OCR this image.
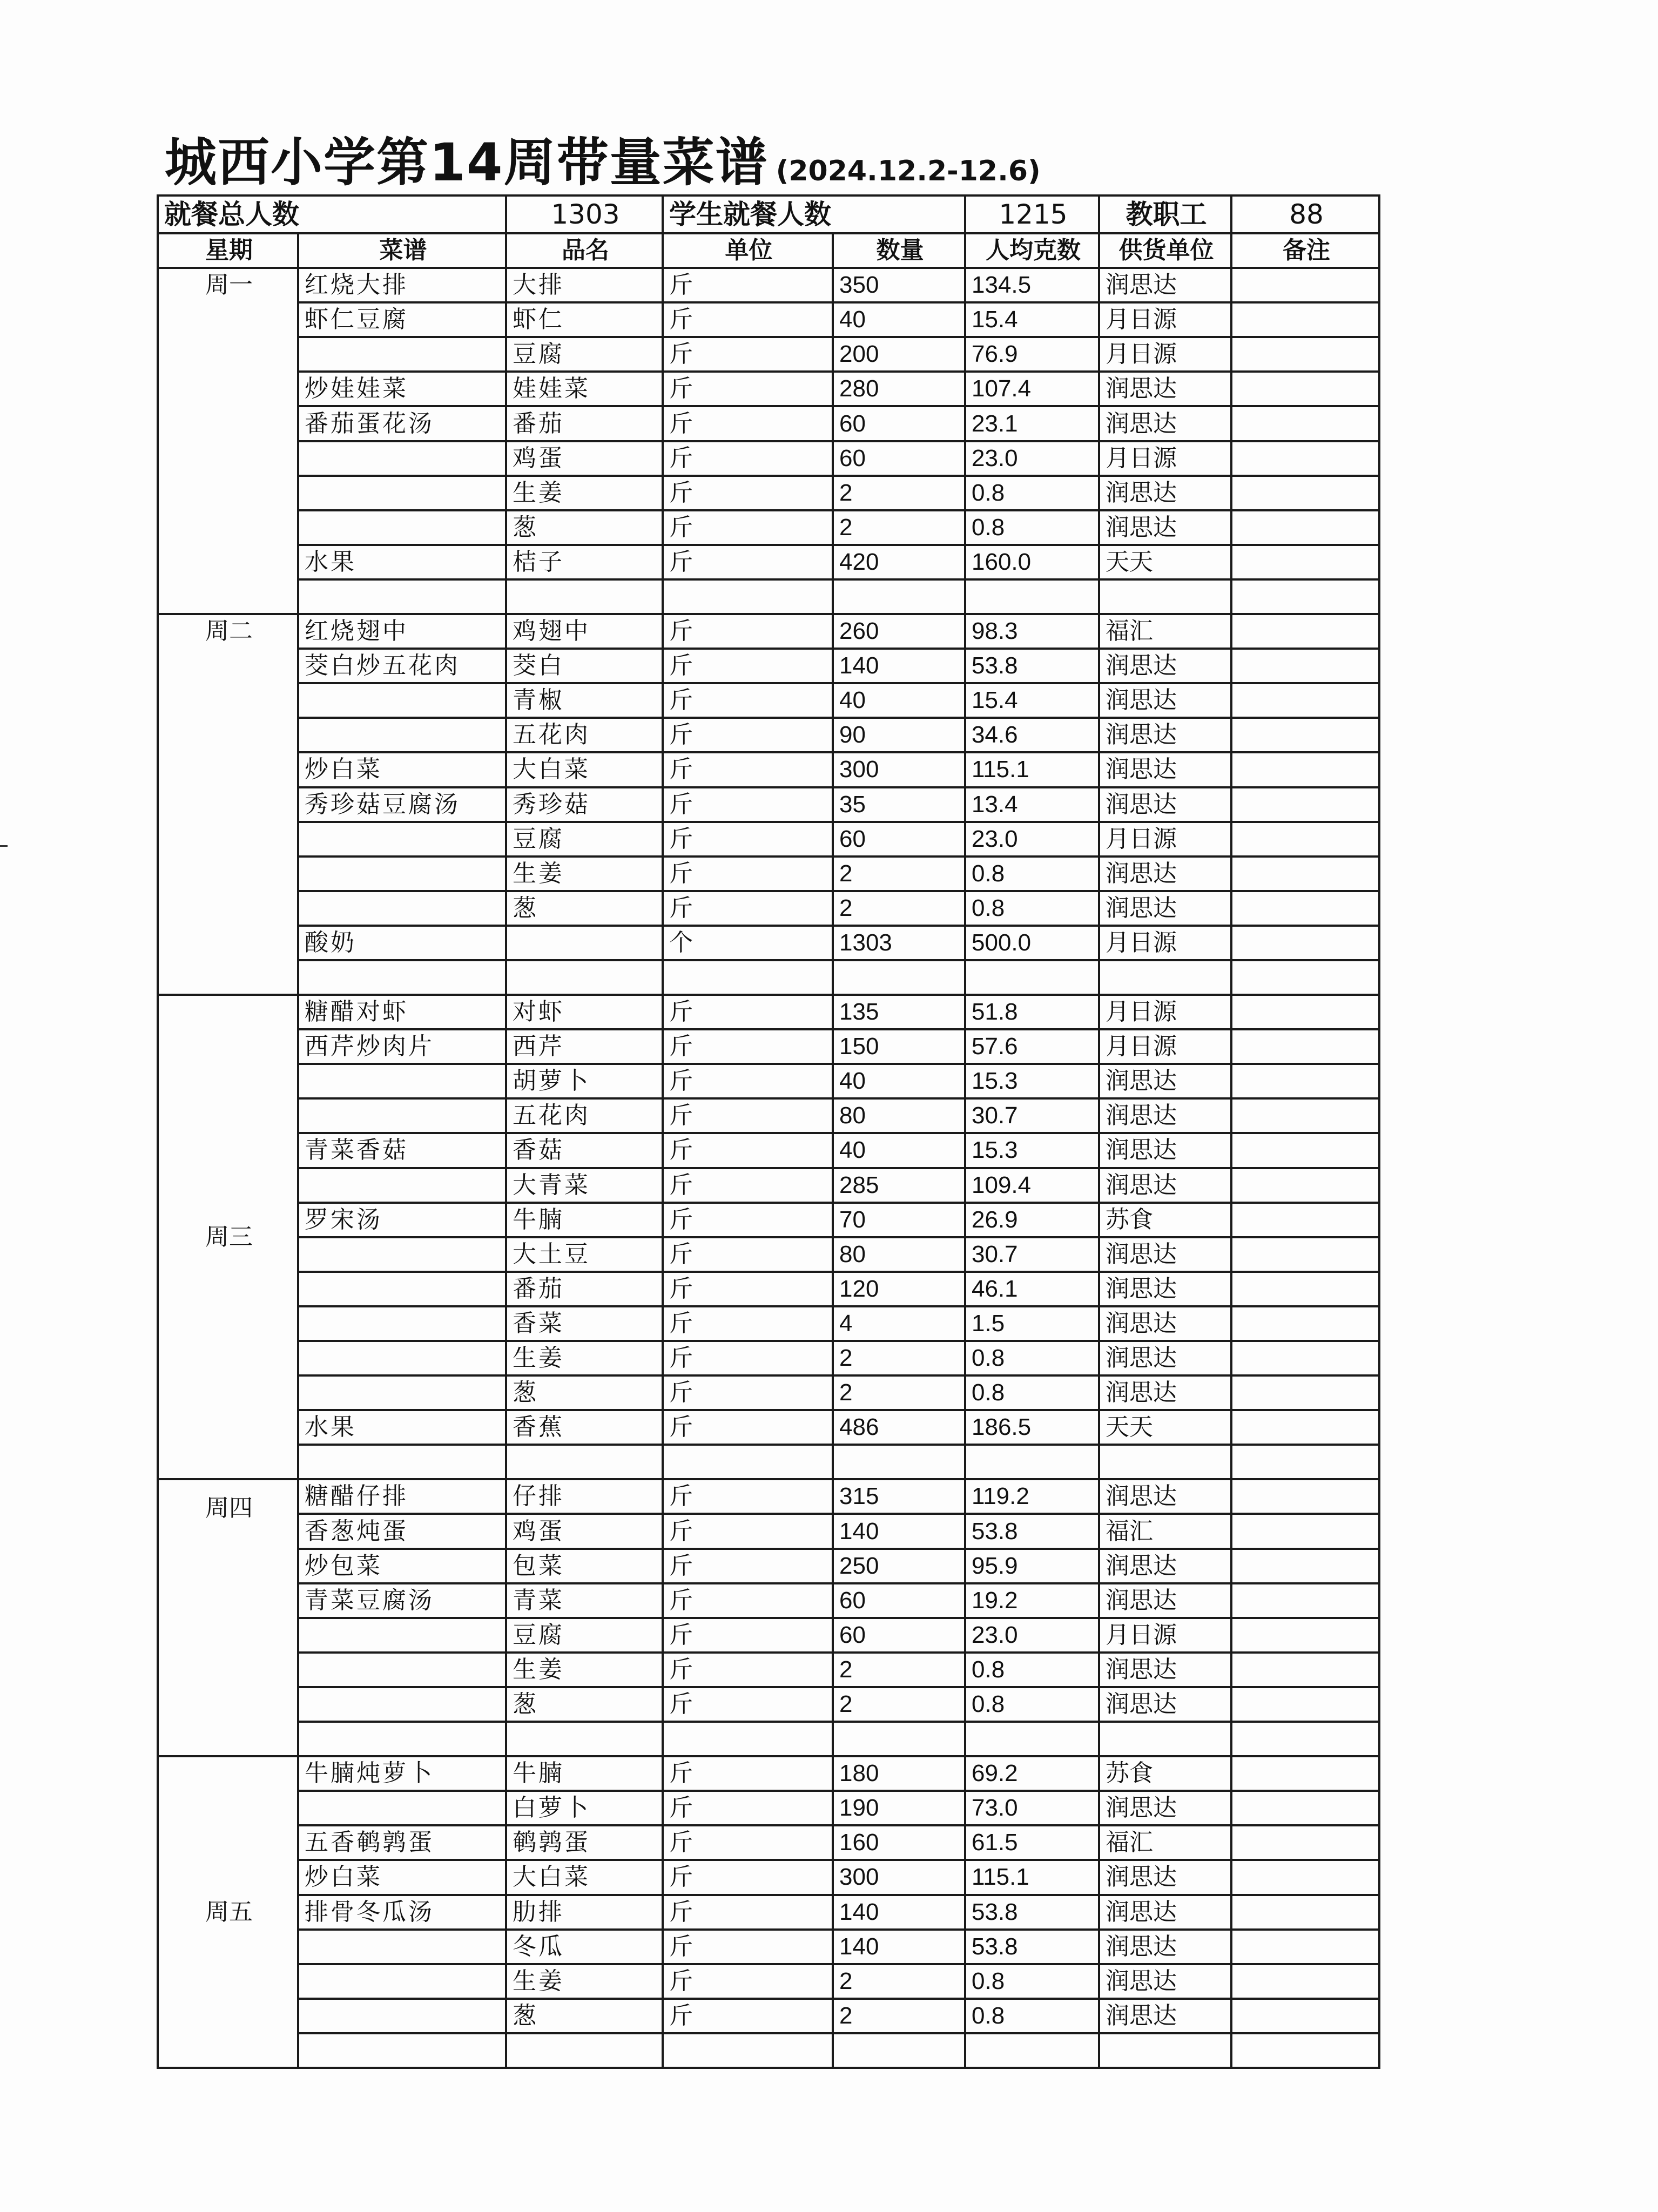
城西小学第14周带量菜谱 (2024.12.2-12.6)
就餐总人数		1303	学生就餐人数		1215	教职工	88
星期	菜谱	品名	单位	数量	人均克数	供货单位	备注
周一	红烧大排	大排	斤	350	134.5	润思达	
	虾仁豆腐	虾仁	斤	40	15.4	月日源	
		豆腐	斤	200	76.9	月日源	
	炒娃娃菜	娃娃菜	斤	280	107.4	润思达	
	番茄蛋花汤	番茄	斤	60	23.1	润思达	
		鸡蛋	斤	60	23.0	月日源	
		生姜	斤	2	0.8	润思达	
		葱	斤	2	0.8	润思达	
	水果	桔子	斤	420	160.0	天天	

周二	红烧翅中	鸡翅中	斤	260	98.3	福汇	
	茭白炒五花肉	茭白	斤	140	53.8	润思达	
		青椒	斤	40	15.4	润思达	
		五花肉	斤	90	34.6	润思达	
	炒白菜	大白菜	斤	300	115.1	润思达	
	秀珍菇豆腐汤	秀珍菇	斤	35	13.4	润思达	
		豆腐	斤	60	23.0	月日源	
		生姜	斤	2	0.8	润思达	
		葱	斤	2	0.8	润思达	
	酸奶		个	1303	500.0	月日源	

周三	糖醋对虾	对虾	斤	135	51.8	月日源	
	西芹炒肉片	西芹	斤	150	57.6	月日源	
		胡萝卜	斤	40	15.3	润思达	
		五花肉	斤	80	30.7	润思达	
	青菜香菇	香菇	斤	40	15.3	润思达	
		大青菜	斤	285	109.4	润思达	
	罗宋汤	牛腩	斤	70	26.9	苏食	
		大土豆	斤	80	30.7	润思达	
		番茄	斤	120	46.1	润思达	
		香菜	斤	4	1.5	润思达	
		生姜	斤	2	0.8	润思达	
		葱	斤	2	0.8	润思达	
	水果	香蕉	斤	486	186.5	天天	

周四	糖醋仔排	仔排	斤	315	119.2	润思达	
	香葱炖蛋	鸡蛋	斤	140	53.8	福汇	
	炒包菜	包菜	斤	250	95.9	润思达	
	青菜豆腐汤	青菜	斤	60	19.2	润思达	
		豆腐	斤	60	23.0	月日源	
		生姜	斤	2	0.8	润思达	
		葱	斤	2	0.8	润思达	

周五	牛腩炖萝卜	牛腩	斤	180	69.2	苏食	
		白萝卜	斤	190	73.0	润思达	
	五香鹌鹑蛋	鹌鹑蛋	斤	160	61.5	福汇	
	炒白菜	大白菜	斤	300	115.1	润思达	
	排骨冬瓜汤	肋排	斤	140	53.8	润思达	
		冬瓜	斤	140	53.8	润思达	
		生姜	斤	2	0.8	润思达	
		葱	斤	2	0.8	润思达	
